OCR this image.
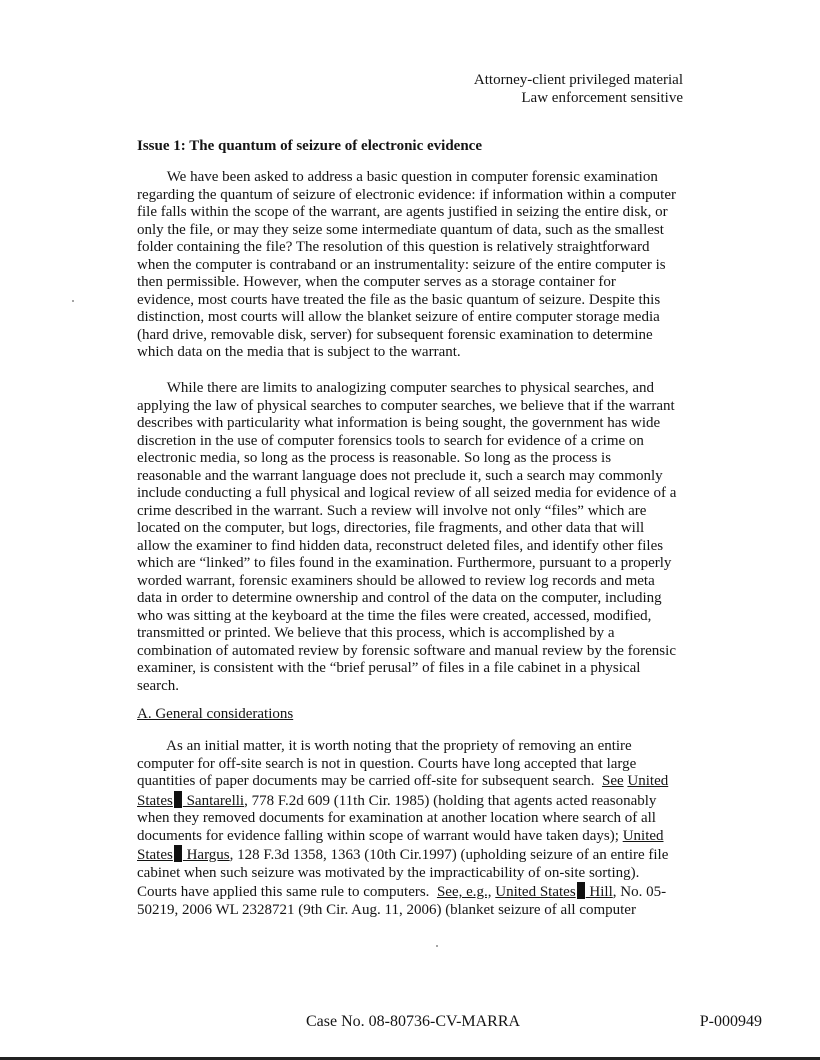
Attorney-client privileged material
Law enforcement sensitive
Issue 1: The quantum of seizure of electronic evidence
We have been asked to address a basic question in computer forensic examination
regarding the quantum of seizure of electronic evidence: if information within a computer
file falls within the scope of the warrant, are agents justified in seizing the entire disk, or
only the file, or may they seize some intermediate quantum of data, such as the smallest
folder containing the file? The resolution of this question is relatively straightforward
when the computer is contraband or an instrumentality: seizure of the entire computer is
then permissible. However, when the computer serves as a storage container for
evidence, most courts have treated the file as the basic quantum of seizure. Despite this
distinction, most courts will allow the blanket seizure of entire computer storage media
(hard drive, removable disk, server) for subsequent forensic examination to determine
which data on the media that is subject to the warrant.
While there are limits to analogizing computer searches to physical searches, and
applying the law of physical searches to computer searches, we believe that if the warrant
describes with particularity what information is being sought, the government has wide
discretion in the use of computer forensics tools to search for evidence of a crime on
electronic media, so long as the process is reasonable. So long as the process is
reasonable and the warrant language does not preclude it, such a search may commonly
include conducting a full physical and logical review of all seized media for evidence of a
crime described in the warrant. Such a review will involve not only “files” which are
located on the computer, but logs, directories, file fragments, and other data that will
allow the examiner to find hidden data, reconstruct deleted files, and identify other files
which are “linked” to files found in the examination. Furthermore, pursuant to a properly
worded warrant, forensic examiners should be allowed to review log records and meta
data in order to determine ownership and control of the data on the computer, including
who was sitting at the keyboard at the time the files were created, accessed, modified,
transmitted or printed. We believe that this process, which is accomplished by a
combination of automated review by forensic software and manual review by the forensic
examiner, is consistent with the “brief perusal” of files in a file cabinet in a physical
search.
A. General considerations
As an initial matter, it is worth noting that the propriety of removing an entire
computer for off-site search is not in question. Courts have long accepted that large
quantities of paper documents may be carried off-site for subsequent search.  See United
States Santarelli, 778 F.2d 609 (11th Cir. 1985) (holding that agents acted reasonably
when they removed documents for examination at another location where search of all
documents for evidence falling within scope of warrant would have taken days); United
States Hargus, 128 F.3d 1358, 1363 (10th Cir.1997) (upholding seizure of an entire file
cabinet when such seizure was motivated by the impracticability of on-site sorting).
Courts have applied this same rule to computers.  See, e.g., United States Hill, No. 05-
50219, 2006 WL 2328721 (9th Cir. Aug. 11, 2006) (blanket seizure of all computer
Case No. 08-80736-CV-MARRA	P-000949
